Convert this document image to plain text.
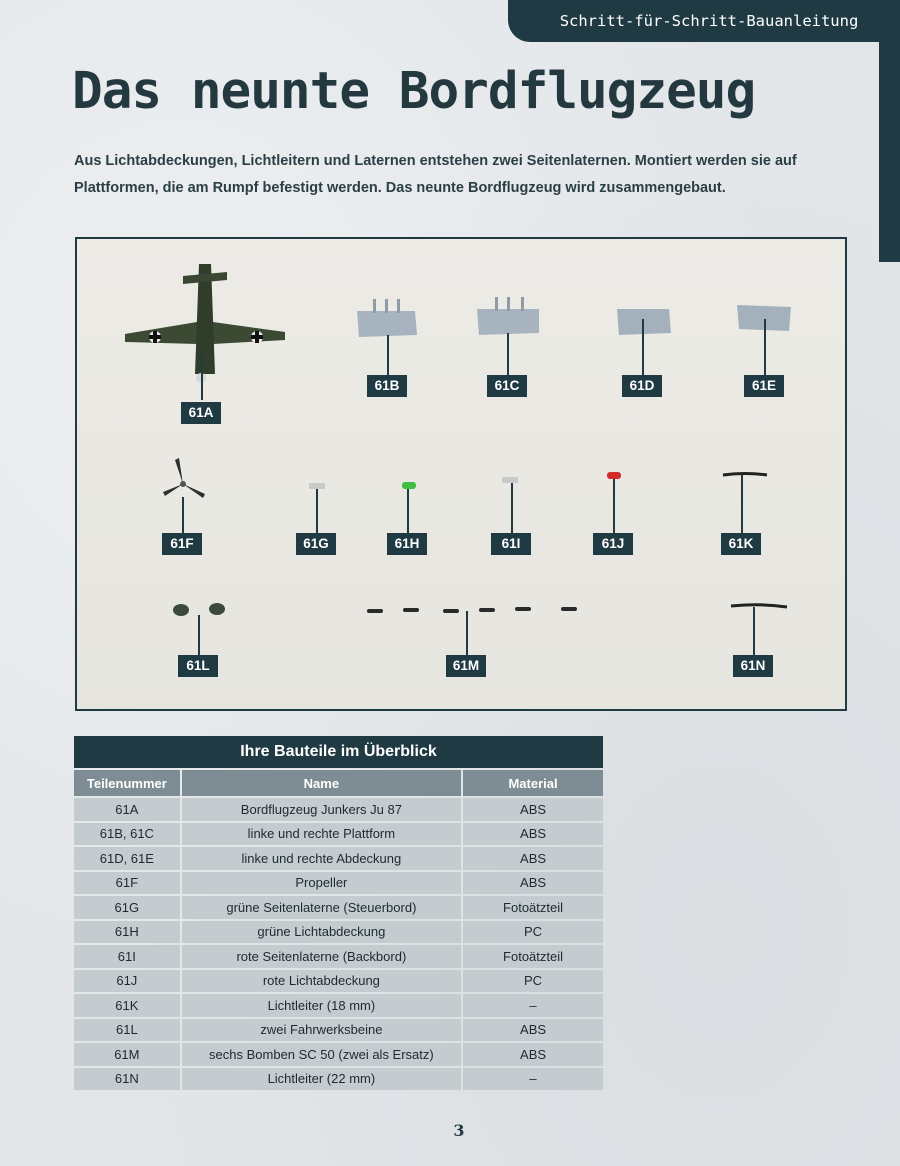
Schritt-für-Schritt-Bauanleitung
Das neunte Bordflugzeug

Aus Lichtabdeckungen, Lichtleitern und Laternen entstehen zwei Seitenlaternen. Montiert werden sie auf Plattformen, die am Rumpf befestigt werden. Das neunte Bordflugzeug wird zusammengebaut.

61A
61B	61C	61D	61E
61F	61G	61H	61I	61J	61K
61L	61M	61N
Ihre Bauteile im Überblick		
Teilenummer	Name	Material
61A	Bordflugzeug Junkers Ju 87	ABS
61B, 61C	linke und rechte Plattform	ABS
61D, 61E	linke und rechte Abdeckung	ABS
61F	Propeller	ABS
61G	grüne Seitenlaterne (Steuerbord)	Fotoätzteil
61H	grüne Lichtabdeckung	PC
61I	rote Seitenlaterne (Backbord)	Fotoätzteil
61J	rote Lichtabdeckung	PC
61K	Lichtleiter (18 mm)	–
61L	zwei Fahrwerksbeine	ABS
61M	sechs Bomben SC 50 (zwei als Ersatz)	ABS
61N	Lichtleiter (22 mm)	–
3
